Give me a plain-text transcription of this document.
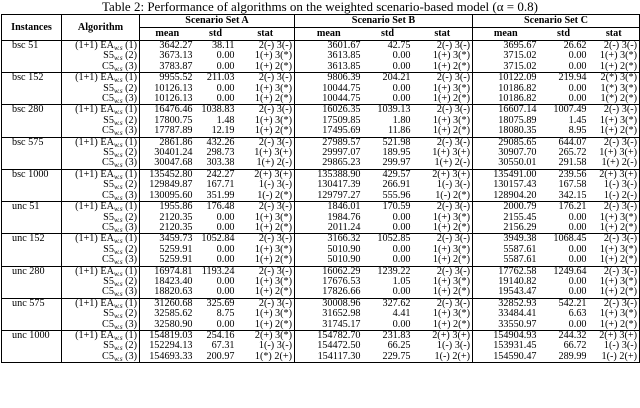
Table 2: Performance of algorithms on the weighted scenario-based model (α = 0.8)
Instances	Algorithm	Scenario Set A			Scenario Set B			Scenario Set C		
		mean	std	stat	mean	std	stat	mean	std	stat
bsc 51	(1+1) $EA_{w.s}$ (1)	3642.27	38.11	2(-) 3(-)	3601.67	42.75	2(-) 3(-)	3695.67	26.62	2(-) 3(-)
	$S5_{w.s}$ (2)	3673.13	0.00	1(+) 3(*)	3613.85	0.00	1(+) 3(*)	3715.02	0.00	1(+) 3(*)
	$C5_{w.s}$ (3)	3783.87	0.00	1(+) 2(*)	3613.85	0.00	1(+) 2(*)	3715.02	0.00	1(+) 2(*)
bsc 152	(1+1) $EA_{w.s}$ (1)	9955.52	211.03	2(-) 3(-)	9806.39	204.21	2(-) 3(-)	10122.09	219.94	2(*) 3(*)
	$S5_{w.s}$ (2)	10126.13	0.00	1(+) 3(*)	10044.75	0.00	1(+) 3(*)	10186.82	0.00	1(*) 3(*)
	$C5_{w.s}$ (3)	10126.13	0.00	1(+) 2(*)	10044.75	0.00	1(+) 2(*)	10186.82	0.00	1(*) 2(*)
bsc 280	(1+1) $EA_{w.s}$ (1)	16476.46	1038.83	2(-) 3(-)	16026.35	1039.13	2(-) 3(-)	16607.14	1007.49	2(-) 3(-)
	$S5_{w.s}$ (2)	17800.75	1.48	1(+) 3(*)	17509.85	1.80	1(+) 3(*)	18075.89	1.45	1(+) 3(*)
	$C5_{w.s}$ (3)	17787.89	12.19	1(+) 2(*)	17495.69	11.86	1(+) 2(*)	18080.35	8.95	1(+) 2(*)
bsc 575	(1+1) $EA_{w.s}$ (1)	2861.86	432.26	2(-) 3(-)	27989.57	521.98	2(-) 3(-)	29085.65	644.07	2(-) 3(-)
	$S5_{w.s}$ (2)	30401.24	298.73	1(+) 3(+)	29997.07	189.95	1(+) 3(+)	30907.70	265.72	1(+) 3(+)
	$C5_{w.s}$ (3)	30047.68	303.38	1(+) 2(-)	29865.23	299.97	1(+) 2(-)	30550.01	291.58	1(+) 2(-)
bsc 1000	(1+1) $EA_{w.s}$ (1)	135452.80	242.27	2(+) 3(+)	135388.90	429.57	2(+) 3(+)	135491.00	239.56	2(+) 3(+)
	$S5_{w.s}$ (2)	129849.87	167.71	1(-) 3(-)	130417.39	266.91	1(-) 3(-)	130157.43	167.58	1(-) 3(-)
	$C5_{w.s}$ (3)	130095.60	351.99	1(-) 2(*)	129797.27	555.96	1(-) 2(*)	128904.20	342.15	1(-) 2(-)
unc 51	(1+1) $EA_{w.s}$ (1)	1955.86	176.48	2(-) 3(-)	1846.01	170.59	2(-) 3(-)	2000.79	176.21	2(-) 3(-)
	$S5_{w.s}$ (2)	2120.35	0.00	1(+) 3(*)	1984.76	0.00	1(+) 3(*)	2155.45	0.00	1(+) 3(*)
	$C5_{w.s}$ (3)	2120.35	0.00	1(+) 2(*)	2011.24	0.00	1(+) 2(*)	2156.29	0.00	1(+) 2(*)
unc 152	(1+1) $EA_{w.s}$ (1)	3459.73	1052.84	2(-) 3(-)	3166.32	1052.85	2(-) 3(-)	3949.38	1068.45	2(-) 3(-)
	$S5_{w.s}$ (2)	5259.91	0.00	1(+) 3(*)	5010.90	0.00	1(+) 3(*)	5587.61	0.00	1(+) 3(*)
	$C5_{w.s}$ (3)	5259.91	0.00	1(+) 2(*)	5010.90	0.00	1(+) 2(*)	5587.61	0.00	1(+) 2(*)
unc 280	(1+1) $EA_{w.s}$ (1)	16974.81	1193.24	2(-) 3(-)	16062.29	1239.22	2(-) 3(-)	17762.58	1249.64	2(-) 3(-)
	$S5_{w.s}$ (2)	18423.40	0.00	1(+) 3(*)	17676.53	1.05	1(+) 3(*)	19140.82	0.00	1(+) 3(*)
	$C5_{w.s}$ (3)	18820.63	0.00	1(+) 2(*)	17826.66	0.00	1(+) 2(*)	19543.47	0.00	1(+) 2(*)
unc 575	(1+1) $EA_{w.s}$ (1)	31260.68	325.69	2(-) 3(-)	30008.96	327.62	2(-) 3(-)	32852.93	542.21	2(-) 3(-)
	$S5_{w.s}$ (2)	32585.62	8.75	1(+) 3(*)	31652.98	4.41	1(+) 3(*)	33484.41	6.63	1(+) 3(*)
	$C5_{w.s}$ (3)	32580.90	0.00	1(+) 2(*)	31745.17	0.00	1(+) 2(*)	33550.97	0.00	1(+) 2(*)
unc 1000	(1+1) $EA_{w.s}$ (1)	154819.03	254.16	2(+) 3(*)	154782.70	231.83	2(+) 3(+)	154904.93	244.32	2(+) 3(+)
	$S5_{w.s}$ (2)	152294.13	67.31	1(-) 3(-)	154472.50	66.25	1(-) 3(-)	153931.45	66.72	1(-) 3(-)
	$C5_{w.s}$ (3)	154693.33	200.97	1(*) 2(+)	154117.30	229.75	1(-) 2(+)	154590.47	289.99	1(-) 2(+)
